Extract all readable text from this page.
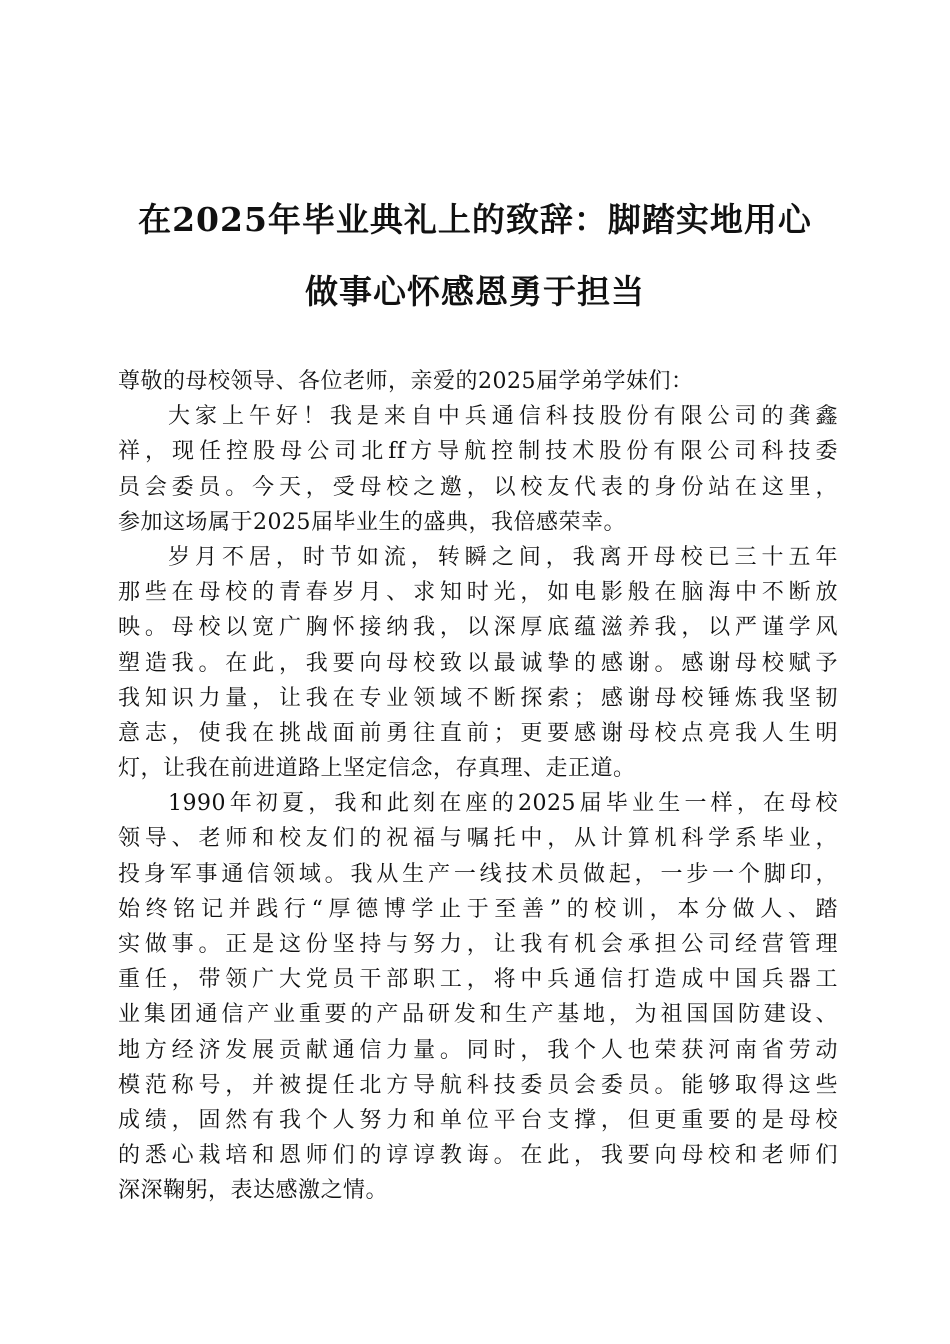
在2025年毕业典礼上的致辞：脚踏实地用心
做事心怀感恩勇于担当
尊敬的母校领导、各位老师，亲爱的2025届学弟学妹们：
大家上午好！我是来自中兵通信科技股份有限公司的龚鑫
祥，现任控股母公司北ff方导航控制技术股份有限公司科技委
员会委员。今天，受母校之邀，以校友代表的身份站在这里，
参加这场属于2025届毕业生的盛典，我倍感荣幸。
岁月不居，时节如流，转瞬之间，我离开母校已三十五年
那些在母校的青春岁月、求知时光，如电影般在脑海中不断放
映。母校以宽广胸怀接纳我，以深厚底蕴滋养我，以严谨学风
塑造我。在此，我要向母校致以最诚挚的感谢。感谢母校赋予
我知识力量，让我在专业领域不断探索；感谢母校锤炼我坚韧
意志，使我在挑战面前勇往直前；更要感谢母校点亮我人生明
灯，让我在前进道路上坚定信念，存真理、走正道。
1990年初夏，我和此刻在座的2025届毕业生一样，在母校
领导、老师和校友们的祝福与嘱托中，从计算机科学系毕业，
投身军事通信领域。我从生产一线技术员做起，一步一个脚印，
始终铭记并践行“厚德博学止于至善”的校训，本分做人、踏
实做事。正是这份坚持与努力，让我有机会承担公司经营管理
重任，带领广大党员干部职工，将中兵通信打造成中国兵器工
业集团通信产业重要的产品研发和生产基地，为祖国国防建设、
地方经济发展贡献通信力量。同时，我个人也荣获河南省劳动
模范称号，并被提任北方导航科技委员会委员。能够取得这些
成绩，固然有我个人努力和单位平台支撑，但更重要的是母校
的悉心栽培和恩师们的谆谆教诲。在此，我要向母校和老师们
深深鞠躬，表达感激之情。
